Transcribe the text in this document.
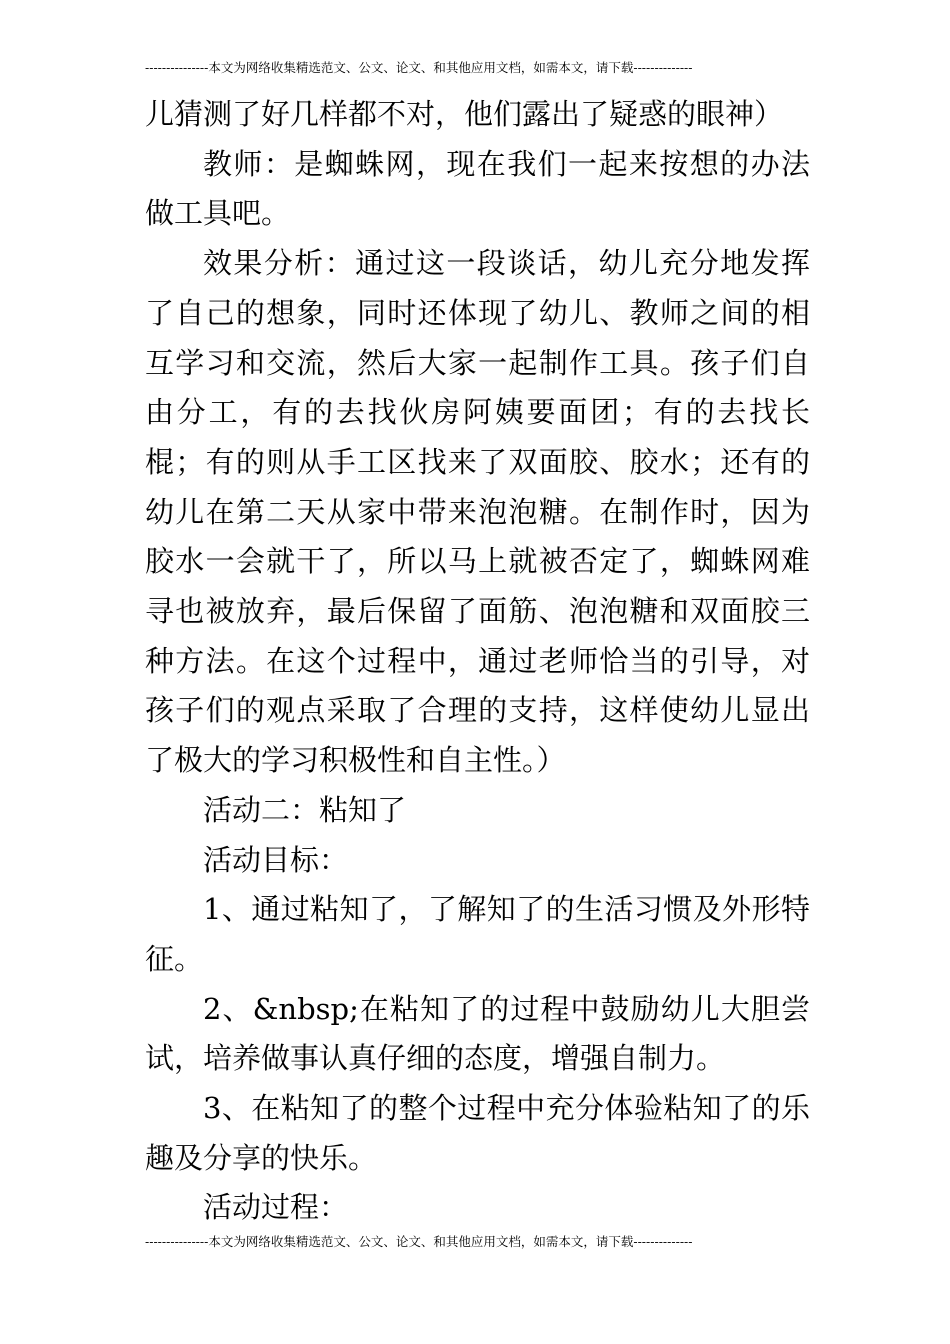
---------------本文为网络收集精选范文、公文、论文、和其他应用文档，如需本文，请下载--------------

儿猜测了好几样都不对，他们露出了疑惑的眼神）

教师：是蜘蛛网，现在我们一起来按想的办法做工具吧。

效果分析：通过这一段谈话，幼儿充分地发挥了自己的想象，同时还体现了幼儿、教师之间的相互学习和交流，然后大家一起制作工具。孩子们自由分工，有的去找伙房阿姨要面团；有的去找长棍；有的则从手工区找来了双面胶、胶水；还有的幼儿在第二天从家中带来泡泡糖。在制作时，因为胶水一会就干了，所以马上就被否定了，蜘蛛网难寻也被放弃，最后保留了面筋、泡泡糖和双面胶三种方法。在这个过程中，通过老师恰当的引导，对孩子们的观点采取了合理的支持，这样使幼儿显出了极大的学习积极性和自主性。）

活动二：粘知了

活动目标：

1、通过粘知了，了解知了的生活习惯及外形特征。

2、&nbsp;在粘知了的过程中鼓励幼儿大胆尝试，培养做事认真仔细的态度，增强自制力。

3、在粘知了的整个过程中充分体验粘知了的乐趣及分享的快乐。

活动过程：

---------------本文为网络收集精选范文、公文、论文、和其他应用文档，如需本文，请下载--------------
